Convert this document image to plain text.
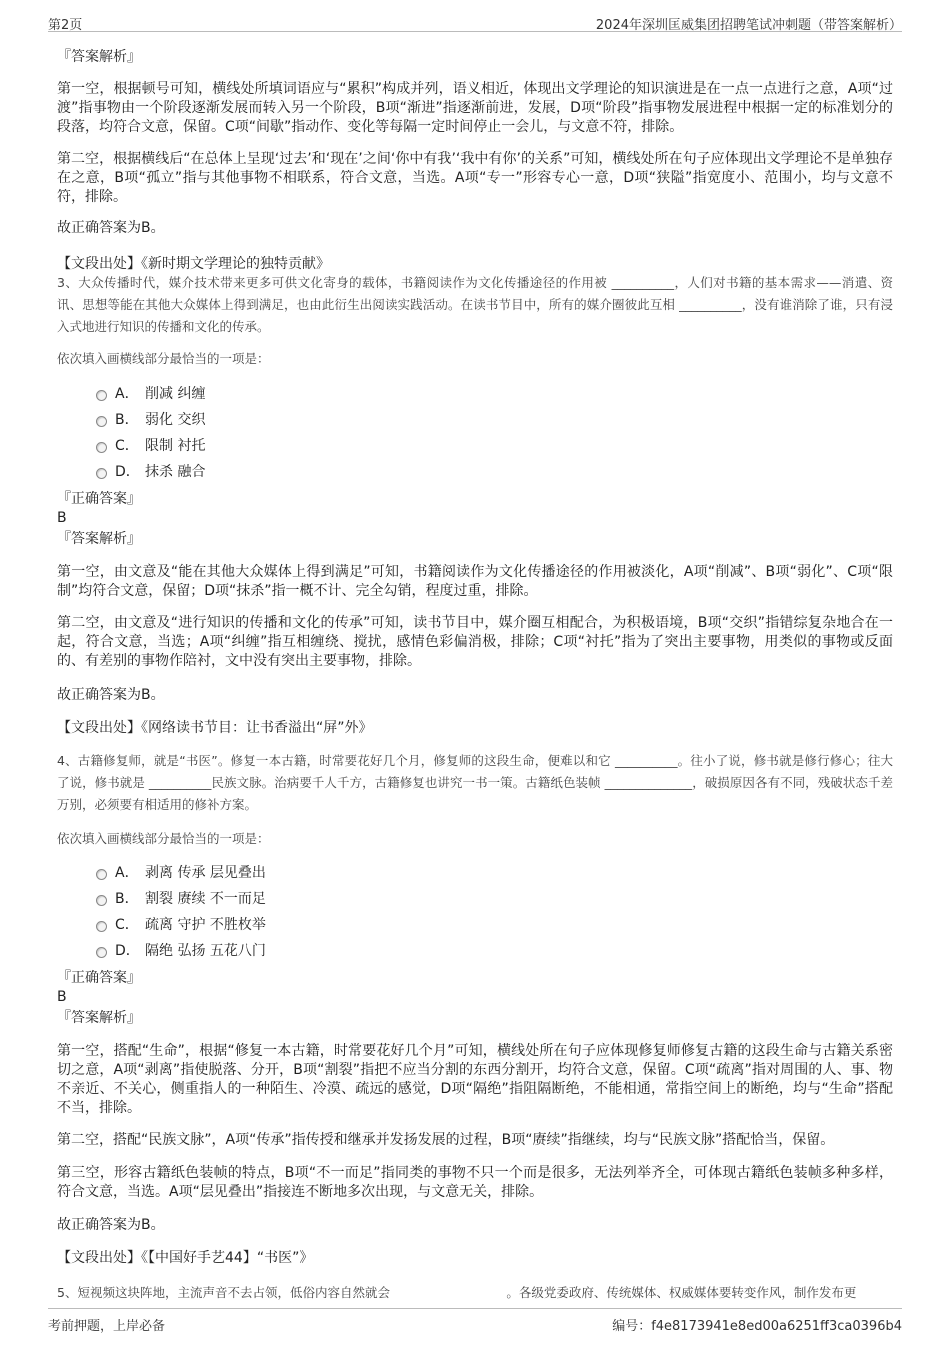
第2页	2024年深圳匡威集团招聘笔试冲刺题（带答案解析）
『答案解析』
第一空，根据顿号可知，横线处所填词语应与“累积”构成并列，语义相近，体现出文学理论的知识演进是在一点一点进行之意，A项“过渡”指事物由一个阶段逐渐发展而转入另一个阶段，B项“渐进”指逐渐前进，发展，D项“阶段”指事物发展进程中根据一定的标准划分的段落，均符合文意，保留。C项“间歇”指动作、变化等每隔一定时间停止一会儿，与文意不符，排除。
第二空，根据横线后“在总体上呈现‘过去’和‘现在’之间‘你中有我’‘我中有你’的关系”可知，横线处所在句子应体现出文学理论不是单独存在之意，B项“孤立”指与其他事物不相联系，符合文意，当选。A项“专一”形容专心一意，D项“狭隘”指宽度小、范围小，均与文意不符，排除。
故正确答案为B。
【文段出处】《新时期文学理论的独特贡献》
3、大众传播时代，媒介技术带来更多可供文化寄身的载体，书籍阅读作为文化传播途径的作用被 __________，人们对书籍的基本需求——消遣、资讯、思想等能在其他大众媒体上得到满足，也由此衍生出阅读实践活动。在读书节目中，所有的媒介圈彼此互相 __________，没有谁消除了谁，只有浸入式地进行知识的传播和文化的传承。
依次填入画横线部分最恰当的一项是：
A． 削减 纠缠
B． 弱化 交织
C． 限制 衬托
D． 抹杀 融合
『正确答案』
B
『答案解析』
第一空，由文意及“能在其他大众媒体上得到满足”可知，书籍阅读作为文化传播途径的作用被淡化，A项“削减”、B项“弱化”、C项“限制”均符合文意，保留；D项“抹杀”指一概不计、完全勾销，程度过重，排除。
第二空，由文意及“进行知识的传播和文化的传承”可知，读书节目中，媒介圈互相配合，为积极语境，B项“交织”指错综复杂地合在一起，符合文意，当选；A项“纠缠”指互相缠绕、搅扰，感情色彩偏消极，排除；C项“衬托”指为了突出主要事物，用类似的事物或反面的、有差别的事物作陪衬，文中没有突出主要事物，排除。
故正确答案为B。
【文段出处】《网络读书节目：让书香溢出“屏”外》
4、古籍修复师，就是“书医”。修复一本古籍，时常要花好几个月，修复师的这段生命，便难以和它 __________。往小了说，修书就是修行修心；往大了说，修书就是 __________民族文脉。治病要千人千方，古籍修复也讲究一书一策。古籍纸色装帧 ______________，破损原因各有不同，残破状态千差万别，必须要有相适用的修补方案。
依次填入画横线部分最恰当的一项是：
A． 剥离 传承 层见叠出
B． 割裂 赓续 不一而足
C． 疏离 守护 不胜枚举
D． 隔绝 弘扬 五花八门
『正确答案』
B
『答案解析』
第一空，搭配“生命”，根据“修复一本古籍，时常要花好几个月”可知，横线处所在句子应体现修复师修复古籍的这段生命与古籍关系密切之意，A项“剥离”指使脱落、分开，B项“割裂”指把不应当分割的东西分割开，均符合文意，保留。C项“疏离”指对周围的人、事、物不亲近、不关心，侧重指人的一种陌生、冷漠、疏远的感觉，D项“隔绝”指阻隔断绝，不能相通，常指空间上的断绝，均与“生命”搭配不当，排除。
第二空，搭配“民族文脉”，A项“传承”指传授和继承并发扬发展的过程，B项“赓续”指继续，均与“民族文脉”搭配恰当，保留。
第三空，形容古籍纸色装帧的特点，B项“不一而足”指同类的事物不只一个而是很多，无法列举齐全，可体现古籍纸色装帧多种多样，符合文意，当选。A项“层见叠出”指接连不断地多次出现，与文意无关，排除。
故正确答案为B。
【文段出处】《【中国好手艺44】“书医”》
5、短视频这块阵地，主流声音不去占领，低俗内容自然就会 　　　　　　　　　。各级党委政府、传统媒体、权威媒体要转变作风，制作发布更
考前押题，上岸必备	编号：f4e8173941e8ed00a6251ff3ca0396b4
